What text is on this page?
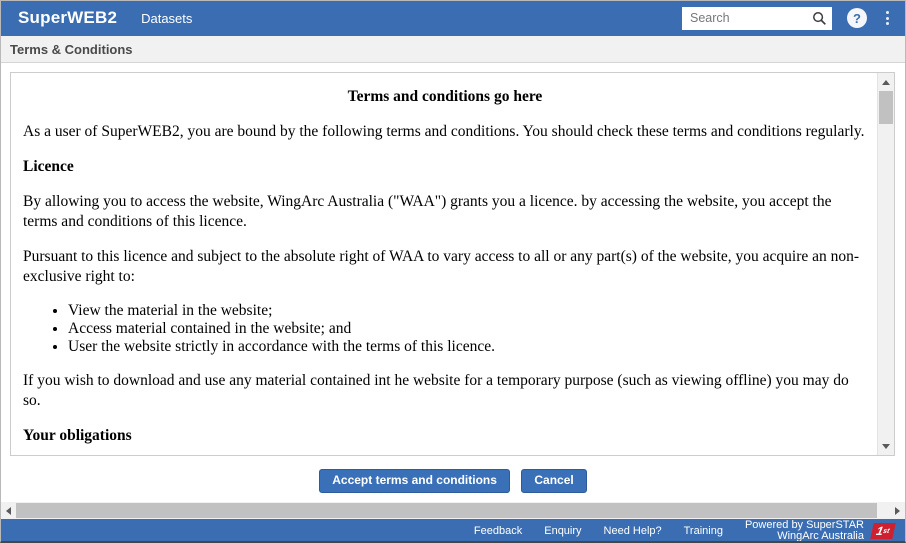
SuperWEB2 Datasets
Search	?
Terms & Conditions
Terms and conditions go here

As a user of SuperWEB2, you are bound by the following terms and conditions. You should check these terms and conditions regularly.

Licence

By allowing you to access the website, WingArc Australia ("WAA") grants you a licence. by accessing the website, you accept the terms and conditions of this licence.

Pursuant to this licence and subject to the absolute right of WAA to vary access to all or any part(s) of the website, you acquire an non-exclusive right to:

• View the material in the website;
• Access material contained in the website; and
• User the website strictly in accordance with the terms of this licence.

If you wish to download and use any material contained int he website for a temporary purpose (such as viewing offline) you may do so.

Your obligations
Accept terms and conditions	Cancel
Feedback Enquiry Need Help? Training
Powered by SuperSTAR
WingArc Australia 1
st
